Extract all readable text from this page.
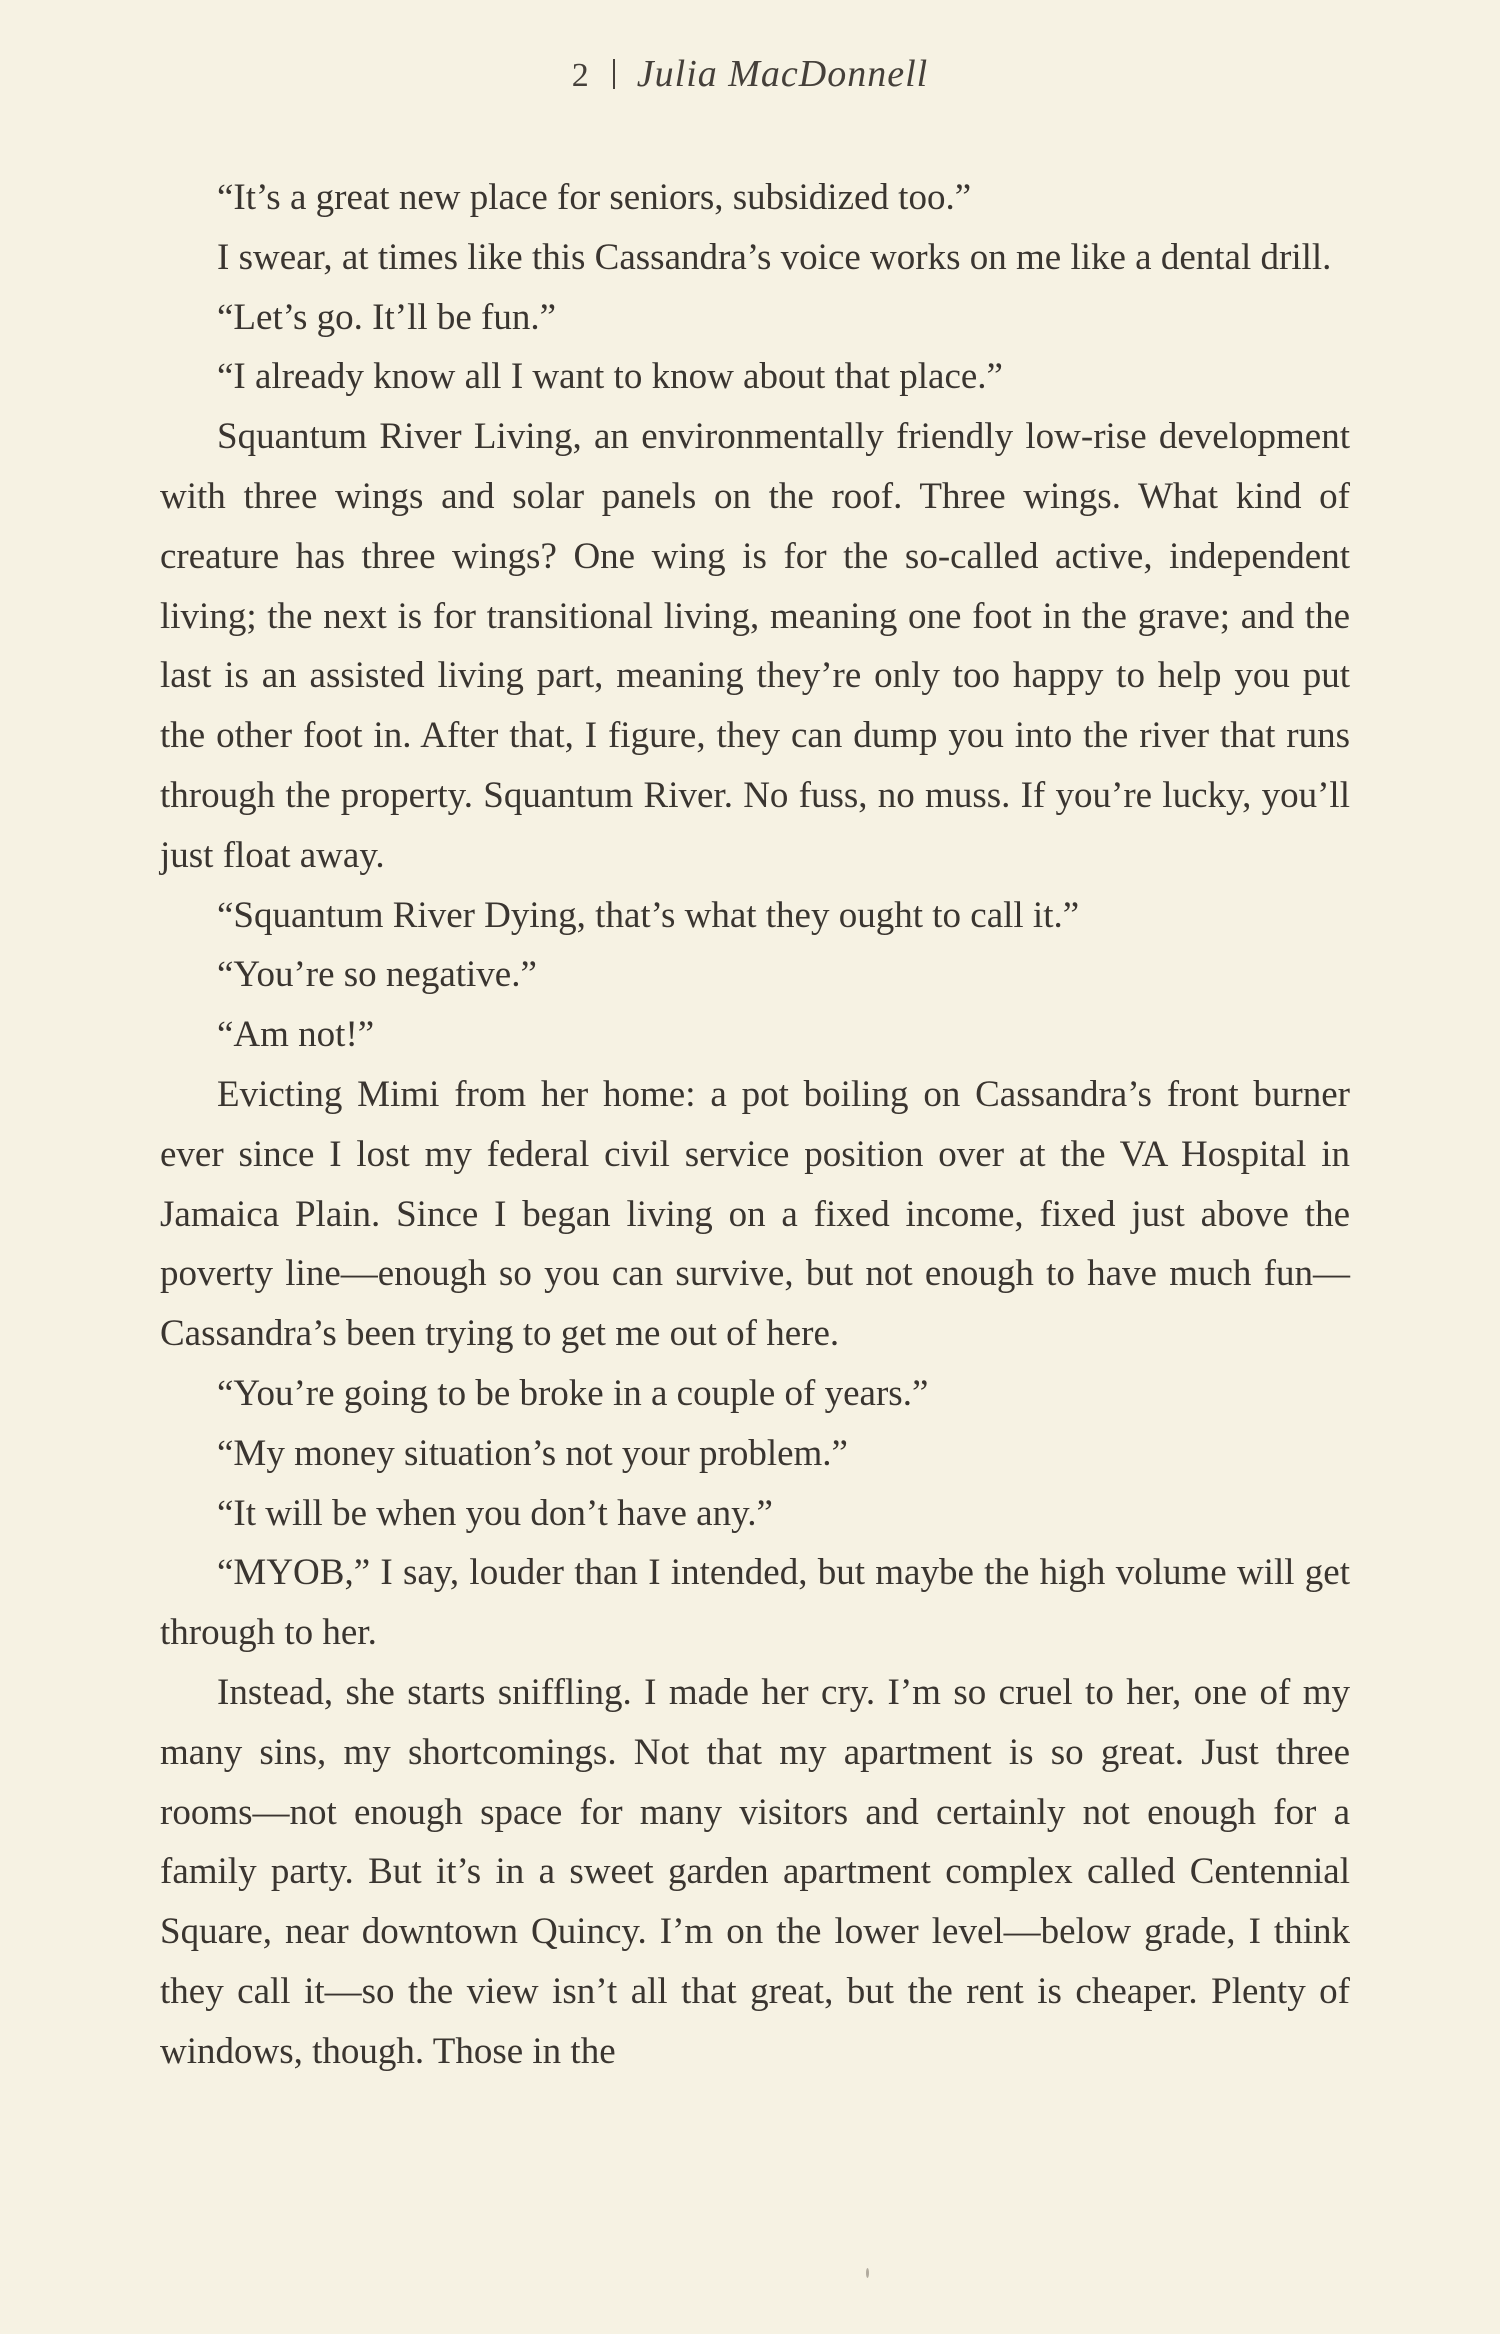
2 Julia MacDonnell

“It’s a great new place for seniors, subsidized too.”

I swear, at times like this Cassandra’s voice works on me like a dental drill.

“Let’s go. It’ll be fun.”

“I already know all I want to know about that place.”

Squantum River Living, an environmentally friendly low-rise development with three wings and solar panels on the roof. Three wings. What kind of creature has three wings? One wing is for the so-called active, independent living; the next is for transitional living, meaning one foot in the grave; and the last is an assisted living part, meaning they’re only too happy to help you put the other foot in. After that, I figure, they can dump you into the river that runs through the property. Squantum River. No fuss, no muss. If you’re lucky, you’ll just float away.

“Squantum River Dying, that’s what they ought to call it.”

“You’re so negative.”

“Am not!”

Evicting Mimi from her home: a pot boiling on Cassandra’s front burner ever since I lost my federal civil service position over at the VA Hospital in Jamaica Plain. Since I began living on a fixed income, fixed just above the poverty line—enough so you can survive, but not enough to have much fun—Cassandra’s been trying to get me out of here.

“You’re going to be broke in a couple of years.”

“My money situation’s not your problem.”

“It will be when you don’t have any.”

“MYOB,” I say, louder than I intended, but maybe the high volume will get through to her.

Instead, she starts sniffling. I made her cry. I’m so cruel to her, one of my many sins, my shortcomings. Not that my apartment is so great. Just three rooms—not enough space for many visitors and certainly not enough for a family party. But it’s in a sweet garden apartment complex called Centennial Square, near downtown Quincy. I’m on the lower level—below grade, I think they call it—so the view isn’t all that great, but the rent is cheaper. Plenty of windows, though. Those in the
